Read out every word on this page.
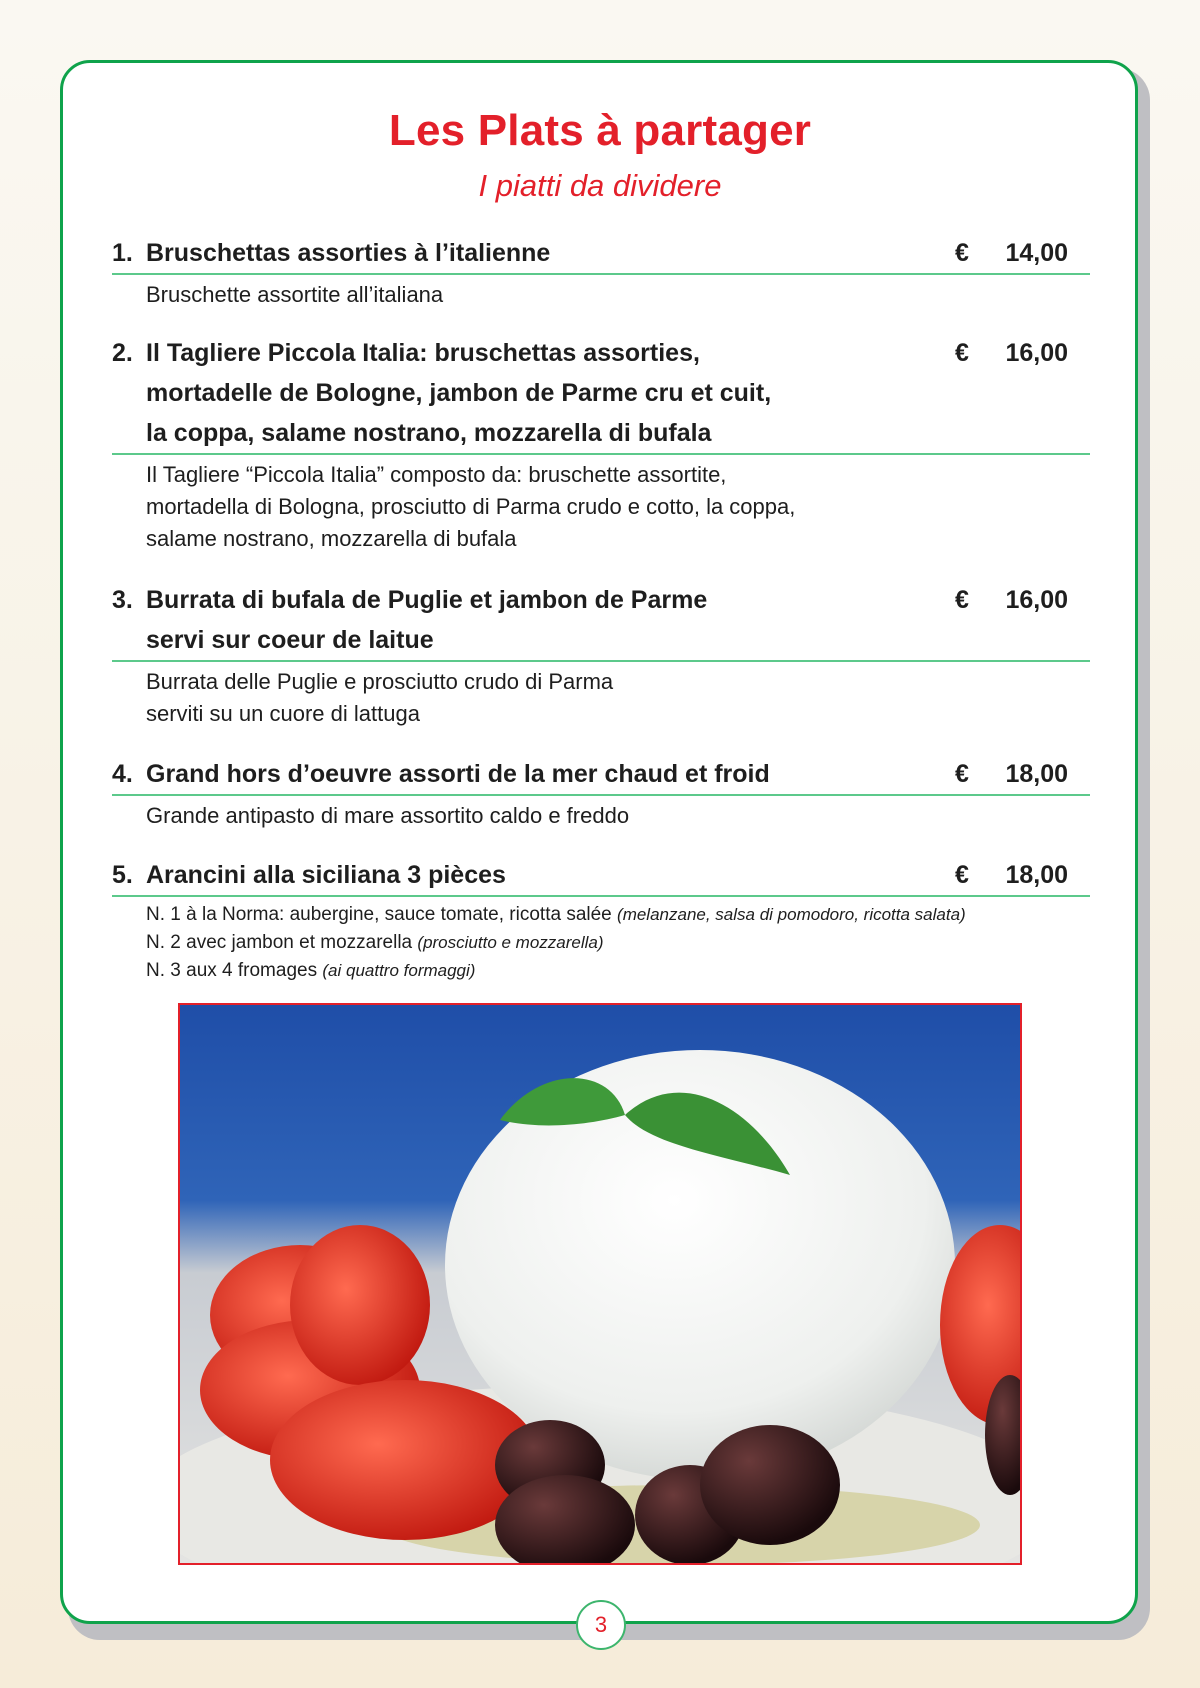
Les Plats à partager
I piatti da dividere
1. Bruschettas assorties à l’italienne	€ 14,00
Bruschette assortite all’italiana
2. Il Tagliere Piccola Italia: bruschettas assorties,
mortadelle de Bologne, jambon de Parme cru et cuit,
la coppa, salame nostrano, mozzarella di bufala
€ 16,00
Il Tagliere “Piccola Italia” composto da: bruschette assortite,
mortadella di Bologna, prosciutto di Parma crudo e cotto, la coppa,
salame nostrano, mozzarella di bufala
3. Burrata di bufala de Puglie et jambon de Parme
servi sur coeur de laitue
€ 16,00
Burrata delle Puglie e prosciutto crudo di Parma
serviti su un cuore di lattuga
4. Grand hors d’oeuvre assorti de la mer chaud et froid	€ 18,00
Grande antipasto di mare assortito caldo e freddo
5. Arancini alla siciliana 3 pièces	€ 18,00
N. 1 à la Norma: aubergine, sauce tomate, ricotta salée (melanzane, salsa di pomodoro, ricotta salata)
N. 2 avec jambon et mozzarella (prosciutto e mozzarella)
N. 3 aux 4 fromages (ai quattro formaggi)
3
